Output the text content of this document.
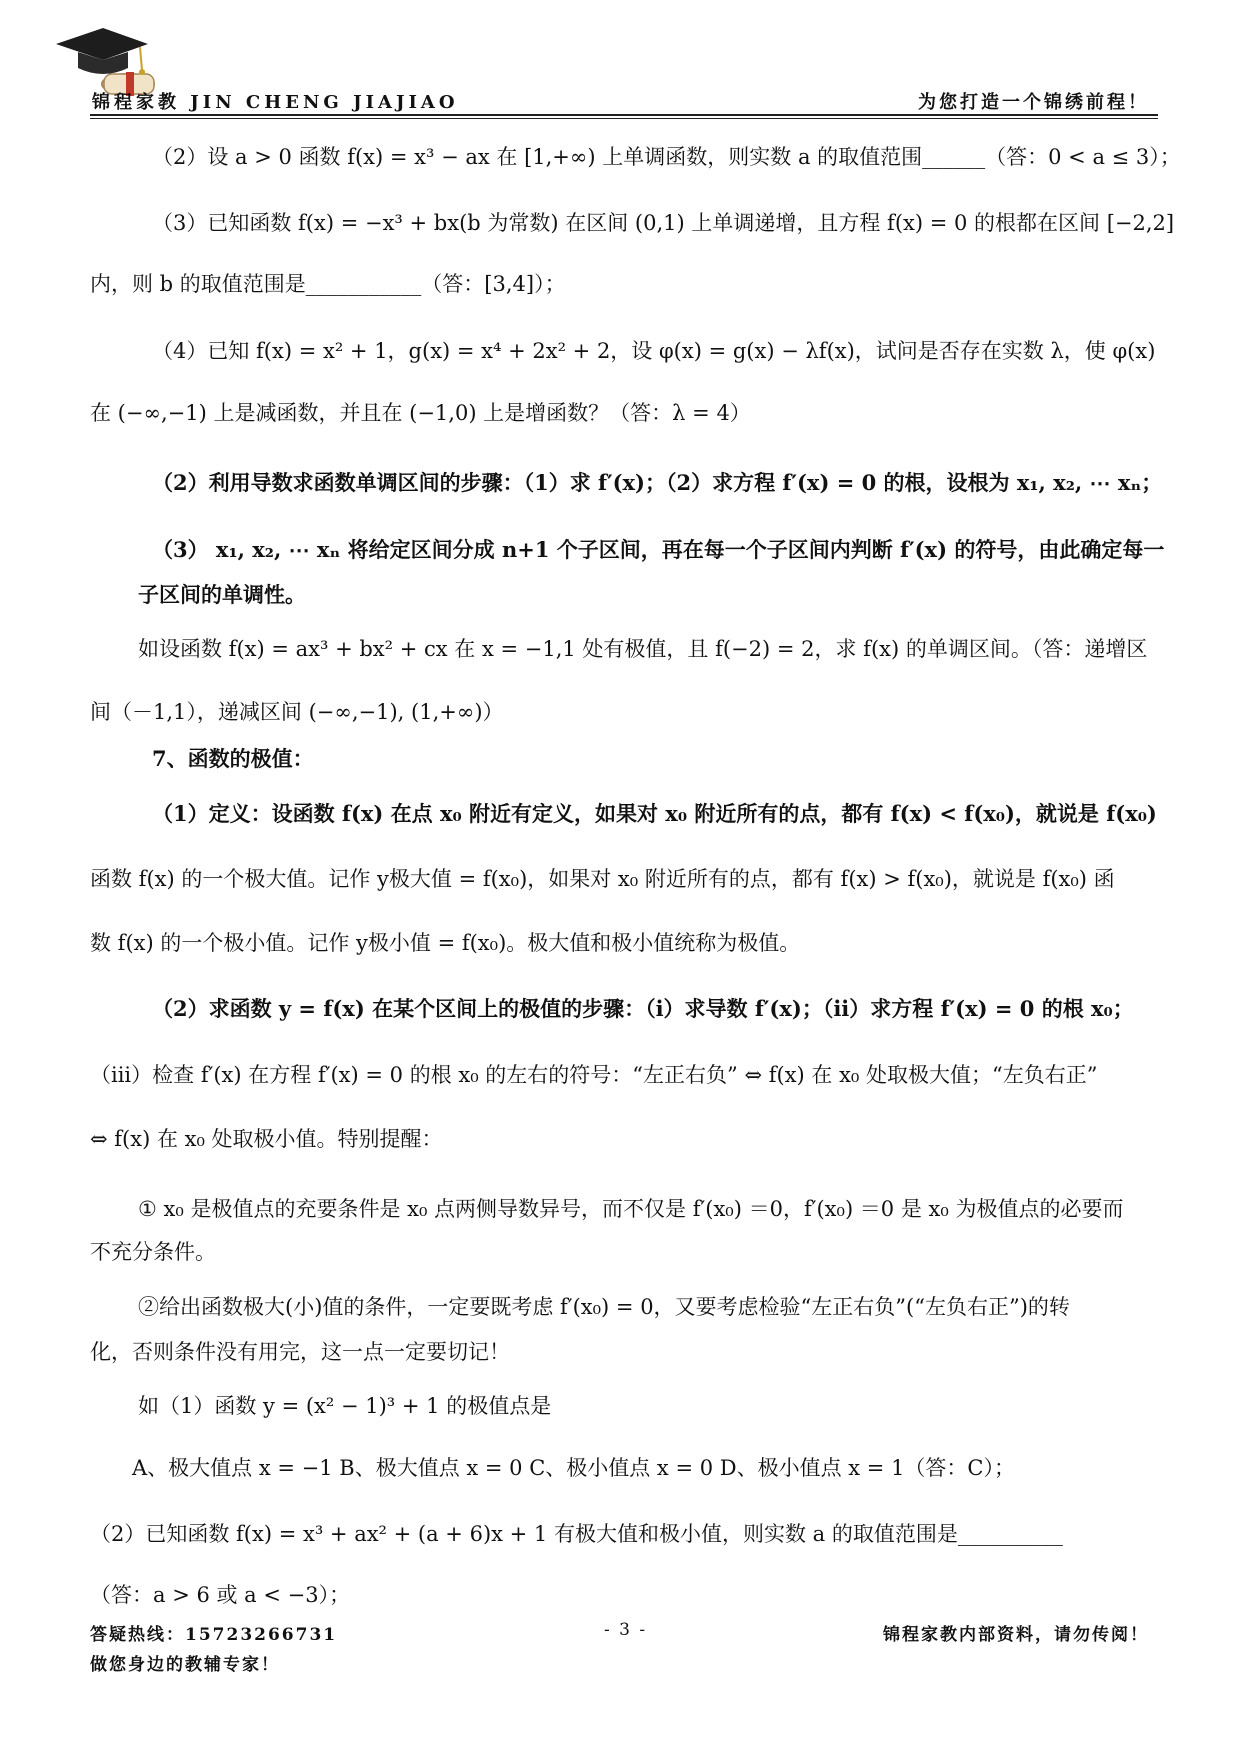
锦程家教 JIN CHENG JIAJIAO	为您打造一个锦绣前程！
（2）设 a > 0 函数 f(x) = x³ − ax 在 [1,+∞) 上单调函数，则实数 a 的取值范围______（答：0 < a ≤ 3）；
（3）已知函数 f(x) = −x³ + bx(b 为常数) 在区间 (0,1) 上单调递增，且方程 f(x) = 0 的根都在区间 [−2,2]
内，则 b 的取值范围是___________（答：[3,4]）；
（4）已知 f(x) = x² + 1，g(x) = x⁴ + 2x² + 2，设 φ(x) = g(x) − λf(x)，试问是否存在实数 λ，使 φ(x)
在 (−∞,−1) 上是减函数，并且在 (−1,0) 上是增函数？（答：λ = 4）
（2）利用导数求函数单调区间的步骤：（1）求 f′(x)；（2）求方程 f′(x) = 0 的根，设根为 x₁, x₂, ⋯ xₙ；
（3） x₁, x₂, ⋯ xₙ 将给定区间分成 n+1 个子区间，再在每一个子区间内判断 f′(x) 的符号，由此确定每一
子区间的单调性。
如设函数 f(x) = ax³ + bx² + cx 在 x = −1,1 处有极值，且 f(−2) = 2，求 f(x) 的单调区间。（答：递增区
间（－1,1），递减区间 (−∞,−1), (1,+∞)）
7、函数的极值：
（1）定义：设函数 f(x) 在点 x₀ 附近有定义，如果对 x₀ 附近所有的点，都有 f(x) < f(x₀)，就说是 f(x₀)
函数 f(x) 的一个极大值。记作 y极大值 = f(x₀)，如果对 x₀ 附近所有的点，都有 f(x) > f(x₀)，就说是 f(x₀) 函
数 f(x) 的一个极小值。记作 y极小值 = f(x₀)。极大值和极小值统称为极值。
（2）求函数 y = f(x) 在某个区间上的极值的步骤：（i）求导数 f′(x)；（ii）求方程 f′(x) = 0 的根 x₀；
（iii）检查 f′(x) 在方程 f′(x) = 0 的根 x₀ 的左右的符号：“左正右负” ⇔ f(x) 在 x₀ 处取极大值；“左负右正”
⇔ f(x) 在 x₀ 处取极小值。特别提醒：
① x₀ 是极值点的充要条件是 x₀ 点两侧导数异号，而不仅是 f′(x₀) ＝0，f′(x₀) ＝0 是 x₀ 为极值点的必要而
不充分条件。
②给出函数极大(小)值的条件，一定要既考虑 f′(x₀) = 0，又要考虑检验“左正右负”(“左负右正”)的转
化，否则条件没有用完，这一点一定要切记！
如（1）函数 y = (x² − 1)³ + 1 的极值点是
A、极大值点 x = −1 B、极大值点 x = 0 C、极小值点 x = 0 D、极小值点 x = 1（答：C）；
（2）已知函数 f(x) = x³ + ax² + (a + 6)x + 1 有极大值和极小值，则实数 a 的取值范围是__________
（答：a > 6 或 a < −3）；
答疑热线：15723266731	- 3 -	锦程家教内部资料，请勿传阅！
做您身边的教辅专家！
